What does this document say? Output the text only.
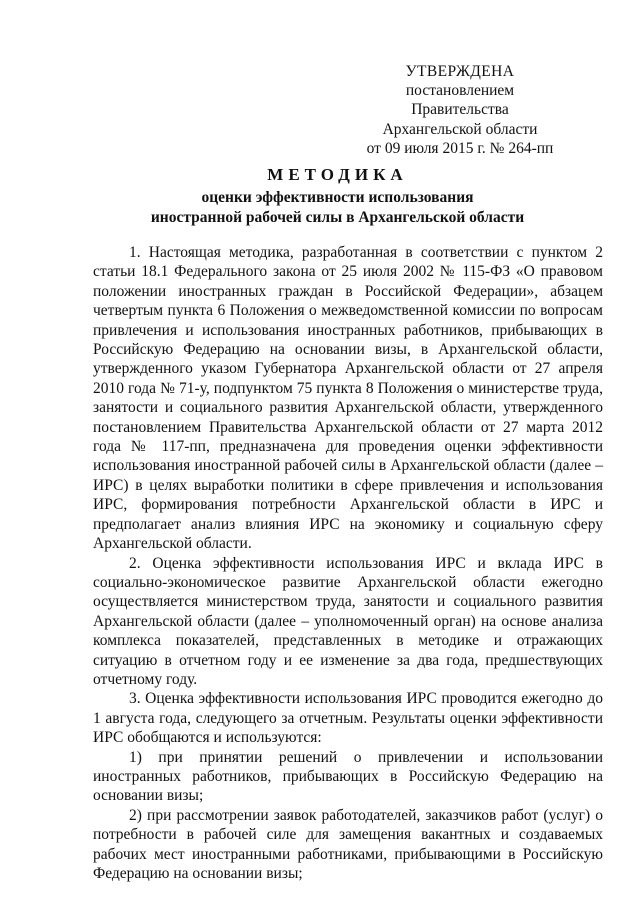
УТВЕРЖДЕНА
постановлением Правительства
Архангельской области
от 09 июля 2015 г. № 264-пп
МЕТОДИКА
оценки эффективности использования
иностранной рабочей силы в Архангельской области

1. Настоящая методика, разработанная в соответствии с пунктом 2 статьи 18.1 Федерального закона от 25 июля 2002 № 115-ФЗ «О правовом положении иностранных граждан в Российской Федерации», абзацем четвертым пункта 6 Положения о межведомственной комиссии по вопросам привлечения и использования иностранных работников, прибывающих в Российскую Федерацию на основании визы, в Архангельской области, утвержденного указом Губернатора Архангельской области от 27 апреля 2010 года № 71-у, подпунктом 75 пункта 8 Положения о министерстве труда, занятости и социального развития Архангельской области, утвержденного постановлением Правительства Архангельской области от 27 марта 2012 года № 117-пп, предназначена для проведения оценки эффективности использования иностранной рабочей силы в Архангельской области (далее – ИРС) в целях выработки политики в сфере привлечения и использования ИРС, формирования потребности Архангельской области в ИРС и предполагает анализ влияния ИРС на экономику и социальную сферу Архангельской области.

2. Оценка эффективности использования ИРС и вклада ИРС в социально-экономическое развитие Архангельской области ежегодно осуществляется министерством труда, занятости и социального развития Архангельской области (далее – уполномоченный орган) на основе анализа комплекса показателей, представленных в методике и отражающих ситуацию в отчетном году и ее изменение за два года, предшествующих отчетному году.

3. Оценка эффективности использования ИРС проводится ежегодно до 1 августа года, следующего за отчетным. Результаты оценки эффективности ИРС обобщаются и используются:

1) при принятии решений о привлечении и использовании иностранных работников, прибывающих в Российскую Федерацию на основании визы;

2) при рассмотрении заявок работодателей, заказчиков работ (услуг) о потребности в рабочей силе для замещения вакантных и создаваемых рабочих мест иностранными работниками, прибывающими в Российскую Федерацию на основании визы;
